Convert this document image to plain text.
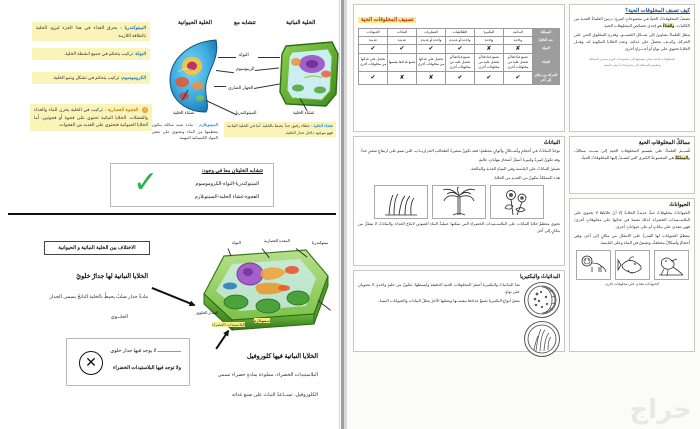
الميتوكندريا : يحرق الغذاء في هذا الجزء ليزود الخلية بالطاقة اللازمة.
النواة: تركيب يتحكم في جميع انشطة الخلية.
الكروموسوم: تركيب يتحكم في تشكل ونمو الخلية.
1 الفجوة العصارية : تركيب في الخلية يخزن الماء والغذاء والفضلات. الخلايا النباتية تحتوي على فجوة أو فجوتين، أما الخلايا الحيوانية فتحتوي على العديد من الفجوات.
الخلية النباتية
تتشابه مع
الخلية الحيوانية
النواة
الريبوسوم
الجهاز الضارى
الميتوكندريا
غشاء الخلية	غشاء الخلية
غشاء الخلية - غطاء رقيق جداً يحيط بالخلية. أما في الخلية النباتية فهو موجود داخل جدار الخلية.
السيتوبلازم - مادة شبه سائلة يتكون معظمها من الماء وتحتوي على بعض المواد الكيميائية المهمة.
تتشابه الخليتان معا في وجود:
الميتوكندريا-النواة-الكروموسوم
الفجوة-غشاء الخلية-السيتوبلازم
✓
الاختلاف بين الخلية النباتية و الحيوانية
الخلايا النباتية لها جدارٌ خلويُ
مادةٌ جدار صلبُ يحيطُ بالخلية الناتجُ يسمى الجدار
الخلــوي
ــــــــــــــــ لا يوجد فيها جدار خلوي
ولا توجد فيها البلاستيدات الخضراء
✕
ميتوكندريا
المعدة العصارية
النواة
الجدار الخلوي
سيتوبلازم
البلاستيدات الخضراء
الخلايا النباتية فيها كلوروفيل
البلاستيدات الخضراء، مملوءة بمادةٍ خضراء تسمى
الكلوروفيل، تســاعدُ النباتَ على صنع غذائه
تصنيف المخلوقات الحية
المملكة	البدائية	البكتيريا	الطلائعيات	الفطريات	النباتات	الحيوانات
عدد الخلايا	واحدة	واحدة	واحدة أو عديدة	واحدة أو عديدة	عديدة	عديدة
النواة	✘	✘	✔	✔	✔	✔
الغذاء	تصنع غذاءها أو تحصل عليه من مخلوقات أخرى	تصنع غذاءها أو تحصل عليه من مخلوقات أخرى	تصنع غذاءها أو تحصل عليه من مخلوقات أخرى	تحصل على غذائها من مخلوقات أخرى	تصنع غذاءها بنفسها	تحصل على غذائها من مخلوقات أخرى
الحركة من مكان إلى آخر	✔	✔	✔	✘	✘	✔
النباتاتُ

توجدُ النباتاتُ في أحجامٍ وأشــكالٍ وألوانٍ مختلفةٍ؛ فقد تكونُ صغيرةً كطحالبِ الحزازيــاتِ، التي تنمو على ارتفاعٍ صغيرٍ جداً.

وقد تكونُ كبيرةً وكبيرةً أتمثلُ أشجارَ بنهاياتٍ عاليةٍ.

تعيشُ النباتاتُ على اليابسةِ وفي المياهِ العذبةِ والمالحةِ.

هذه المملكةُ تتكونُ من العديدِ من الخلايا.

تحوي معظمُ خلايا النباتاتِ على البلاســتيداتِ الخضراءِ التي تمكنها عمليةُ البناءِ الضوئيِ لانتاجِ الغذاءِ. والنباتاتُ لا تنتقلُ من مكانٍ إلى آخرَ.

البدائياتُ والبكتيريا

تعدُ البدائياتُ والبكتيريا أصغرَ المخلوقاتِ الحيةِ الدقيقةِ وأبسطها؛ تتكونُ من خليةٍ واحدةٍ. لا يحتويانِ على نواةٍ.

بعضُ أنواعِ البكتيريا تصنعُ غذاءها بنفســها وبعضُها الآخرُ يحللُ النباتاتِ والحيواناتِ الميتةَ.

كيف تصنف المخلوقات الحية؟

تصنفُ المخلوقـاتُ الحيةُ في مجموعاتٍ كبيرةٍ؛ درسَ العلماءُ العديدَ من الكائناتِ، والغذاءُ هو إحدى خصائصِ المخلوقاتِ الحيةِ.

ينظرُ العلماءُ بعناوينَ إلى شــكلِ الجســمِ، وقدرةِ المخلوقِ الحيِ على الحركةِ، وكيــف يحصلُ على غذائِهِ، وعددِ الخلايا المكونةِ له، وهــل الخلايا تحتوي على نواةٍ أو أجـــزاءٍ أخرى.

المخلوقات الحية يمكن تصنيفها إلى مجموعات كبيرة تسمى الممالك
وتنقسم الممالك إلى مجموعات أصغر فأصغر
ممالكُ المخلوقاتِ الحيةِ

قُســمَ العلماءُ على تقسيمِ المخلوقاتِ الحيةِ إلى ســتِ ممالكَ، والمملكةُ هي المجموعةُ الكبرى التي تُصنـفُ إليها المخلوقاتُ الحيةُ.

الحيواناتُ

الحيواناتُ مخلوقاتٌ حيةٌ عديدةُ الخلايا؛ إلا أنَ خلايَاها لا تحتوي على البلاســتيداتِ الخضراءِ. لذلك تعتمدُ في غذائِها على مخلوقاتٍ أخرى؛ فهي تتغذى على نباتاتٍ أو على حيواناتٍ أخرى.

معظمُ الحيواناتِ لها القدرةُ على الانتقالِ من مكانٍ إلى آخرَ، وهي أحجامٌ وأشكالٌ مختلفةٌ، وتعيشُ في الماءِ وعلى اليابسةِ.

الحيوانات تتغذى على مخلوقات اخرى
حراج
